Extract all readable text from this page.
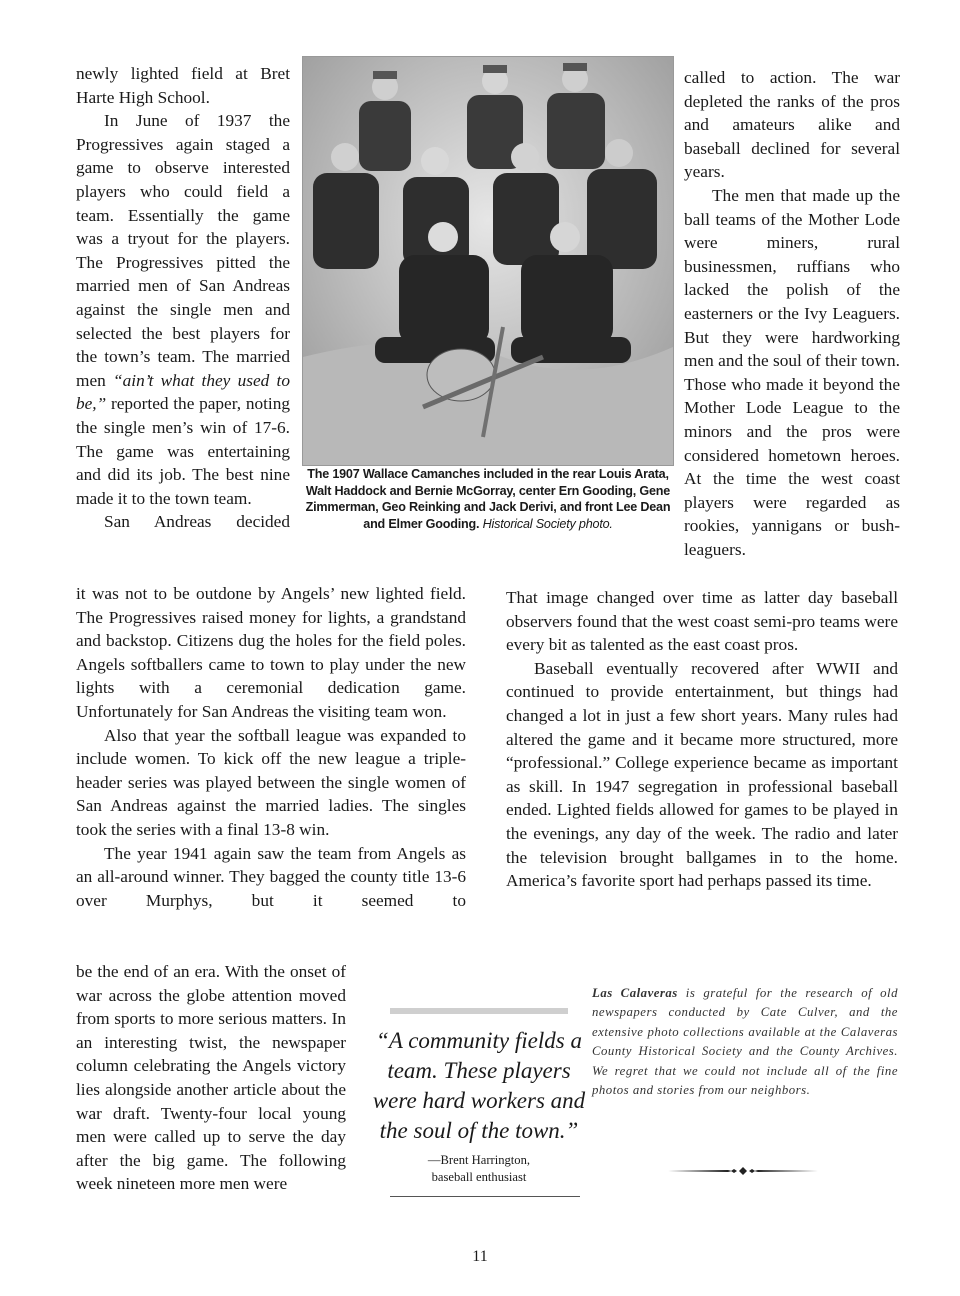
newly lighted field at Bret Harte High School.

In June of 1937 the Progressives again staged a game to observe interested players who could field a team. Essentially the game was a tryout for the players. The Progressives pitted the married men of San Andreas against the single men and selected the best players for the town’s team. The married men “ain’t what they used to be,” reported the paper, noting the single men’s win of 17-6. The game was entertaining and did its job. The best nine made it to the town team.

San Andreas decided

The 1907 Wallace Camanches included in the rear Louis Arata, Walt Haddock and Bernie McGorray, center Ern Gooding, Gene Zimmerman, Geo Reinking and Jack Derivi, and front Lee Dean and Elmer Gooding. Historical Society photo.

called to action. The war depleted the ranks of the pros and amateurs alike and baseball declined for several years.

The men that made up the ball teams of the Mother Lode were miners, rural businessmen, ruffians who lacked the polish of the easterners or the Ivy Leaguers. But they were hardworking men and the soul of their town. Those who made it beyond the Mother Lode League to the minors and the pros were considered hometown heroes. At the time the west coast players were regarded as rookies, yannigans or bush-leaguers.

it was not to be outdone by Angels’ new lighted field. The Progressives raised money for lights, a grandstand and backstop. Citizens dug the holes for the field poles. Angels softballers came to town to play under the new lights with a ceremonial dedication game. Unfortunately for San Andreas the visiting team won.

Also that year the softball league was expanded to include women. To kick off the new league a triple-header series was played between the single women of San Andreas against the married ladies. The singles took the series with a final 13-8 win.

The year 1941 again saw the team from Angels as an all-around winner. They bagged the county title 13-6 over Murphys, but it seemed to

That image changed over time as latter day baseball observers found that the west coast semi-pro teams were every bit as talented as the east coast pros.

Baseball eventually recovered after WWII and continued to provide entertainment, but things had changed a lot in just a few short years. Many rules had altered the game and it became more structured, more “professional.” College experience became as important as skill. In 1947 segregation in professional baseball ended. Lighted fields allowed for games to be played in the evenings, any day of the week. The radio and later the television brought ballgames in to the home. America’s favorite sport had perhaps passed its time.

be the end of an era. With the onset of war across the globe attention moved from sports to more serious matters. In an interesting twist, the newspaper column celebrating the Angels victory lies alongside another article about the war draft. Twenty-four local young men were called up to serve the day after the big game. The following week nineteen more men were

“A community fields a team. These players were hard workers and the soul of the town.”
—Brent Harrington,
baseball enthusiast
Las Calaveras is grateful for the research of old newspapers conducted by Cate Culver, and the extensive photo collections available at the Calaveras County Historical Society and the County Archives. We regret that we could not include all of the fine photos and stories from our neighbors.
11
